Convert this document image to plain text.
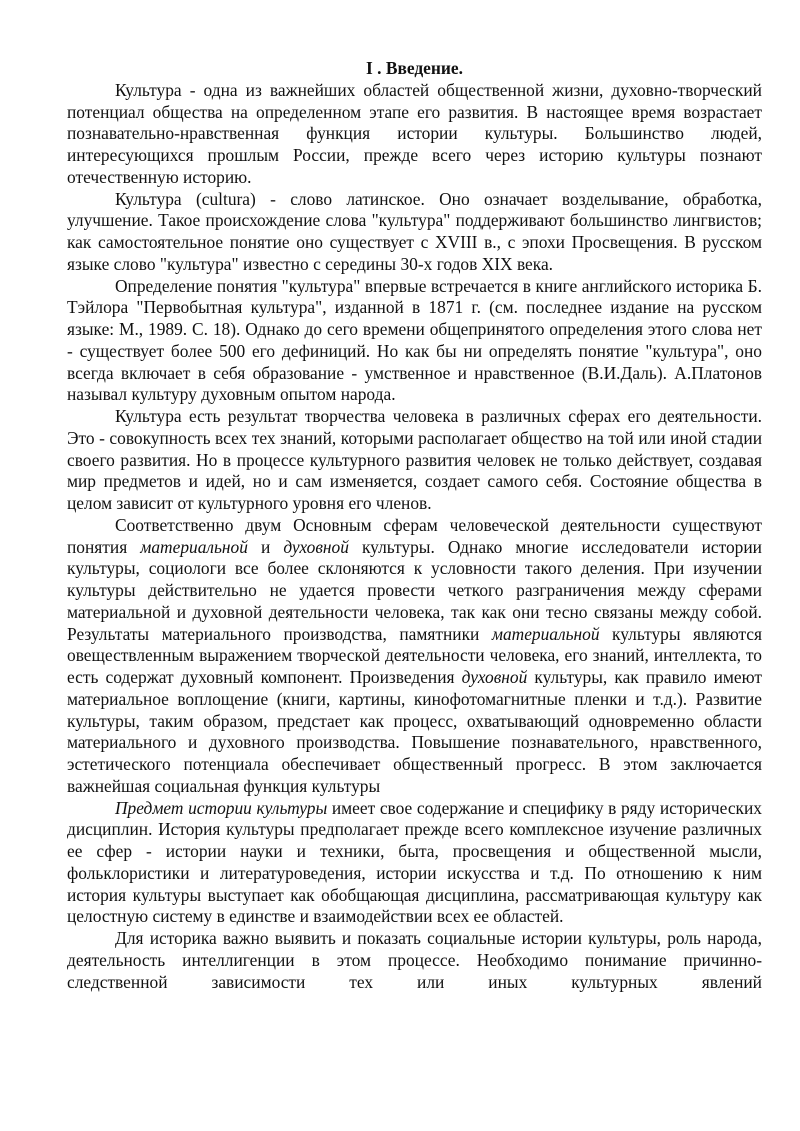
I . Введение.

Культура - одна из важнейших областей общественной жизни, духовно-творческий потенциал общества на определенном этапе его развития. В настоящее время возрастает познавательно-нравственная функция истории культуры. Большинство людей, интересующихся прошлым России, прежде всего через историю культуры познают отечественную историю.

Культура (cultura) - слово латинское. Оно означает возделывание, обработка, улучшение. Такое происхождение слова "культура" поддерживают большинство лингвистов; как самостоятельное понятие оно существует с XVIII в., с эпохи Просвещения. В русском языке слово "культура" известно с середины 30-х годов XIX века.

Определение понятия "культура" впервые встречается в книге английского историка Б. Тэйлора "Первобытная культура", изданной в 1871 г. (см. последнее издание на русском языке: М., 1989. С. 18). Однако до сего времени общепринятого определения этого слова нет - существует более 500 его дефиниций. Но как бы ни определять понятие "культура", оно всегда включает в себя образование - умственное и нравственное (В.И.Даль). А.Платонов называл культуру духовным опытом народа.

Культура есть результат творчества человека в различных сферах его деятельности. Это - совокупность всех тех знаний, которыми располагает общество на той или иной стадии своего развития. Но в процессе культурного развития человек не только действует, создавая мир предметов и идей, но и сам изменяется, создает самого себя. Состояние общества в целом зависит от культурного уровня его членов.

Соответственно двум Основным сферам человеческой деятельности существуют понятия материальной и духовной культуры. Однако многие исследователи истории культуры, социологи все более склоняются к условности такого деления. При изучении культуры действительно не удается провести четкого разграничения между сферами материальной и духовной деятельности человека, так как они тесно связаны между собой. Результаты материального производства, памятники материальной культуры являются овеществленным выражением творческой деятельности человека, его знаний, интеллекта, то есть содержат духовный компонент. Произведения духовной культуры, как правило имеют материальное воплощение (книги, картины, кинофотомагнитные пленки и т.д.). Развитие культуры, таким образом, предстает как процесс, охватывающий одновременно области материального и духовного производства. Повышение познавательного, нравственного, эстетического потенциала обеспечивает общественный прогресс. В этом заключается важнейшая социальная функция культуры

Предмет истории культуры имеет свое содержание и специфику в ряду исторических дисциплин. История культуры предполагает прежде всего комплексное изучение различных ее сфер - истории науки и техники, быта, просвещения и общественной мысли, фольклористики и литературоведения, истории искусства и т.д. По отношению к ним история культуры выступает как обобщающая дисциплина, рассматривающая культуру как целостную систему в единстве и взаимодействии всех ее областей.

Для историка важно выявить и показать социальные истории культуры, роль народа, деятельность интеллигенции в этом процессе. Необходимо понимание причинно-следственной зависимости тех или иных культурных явлений
